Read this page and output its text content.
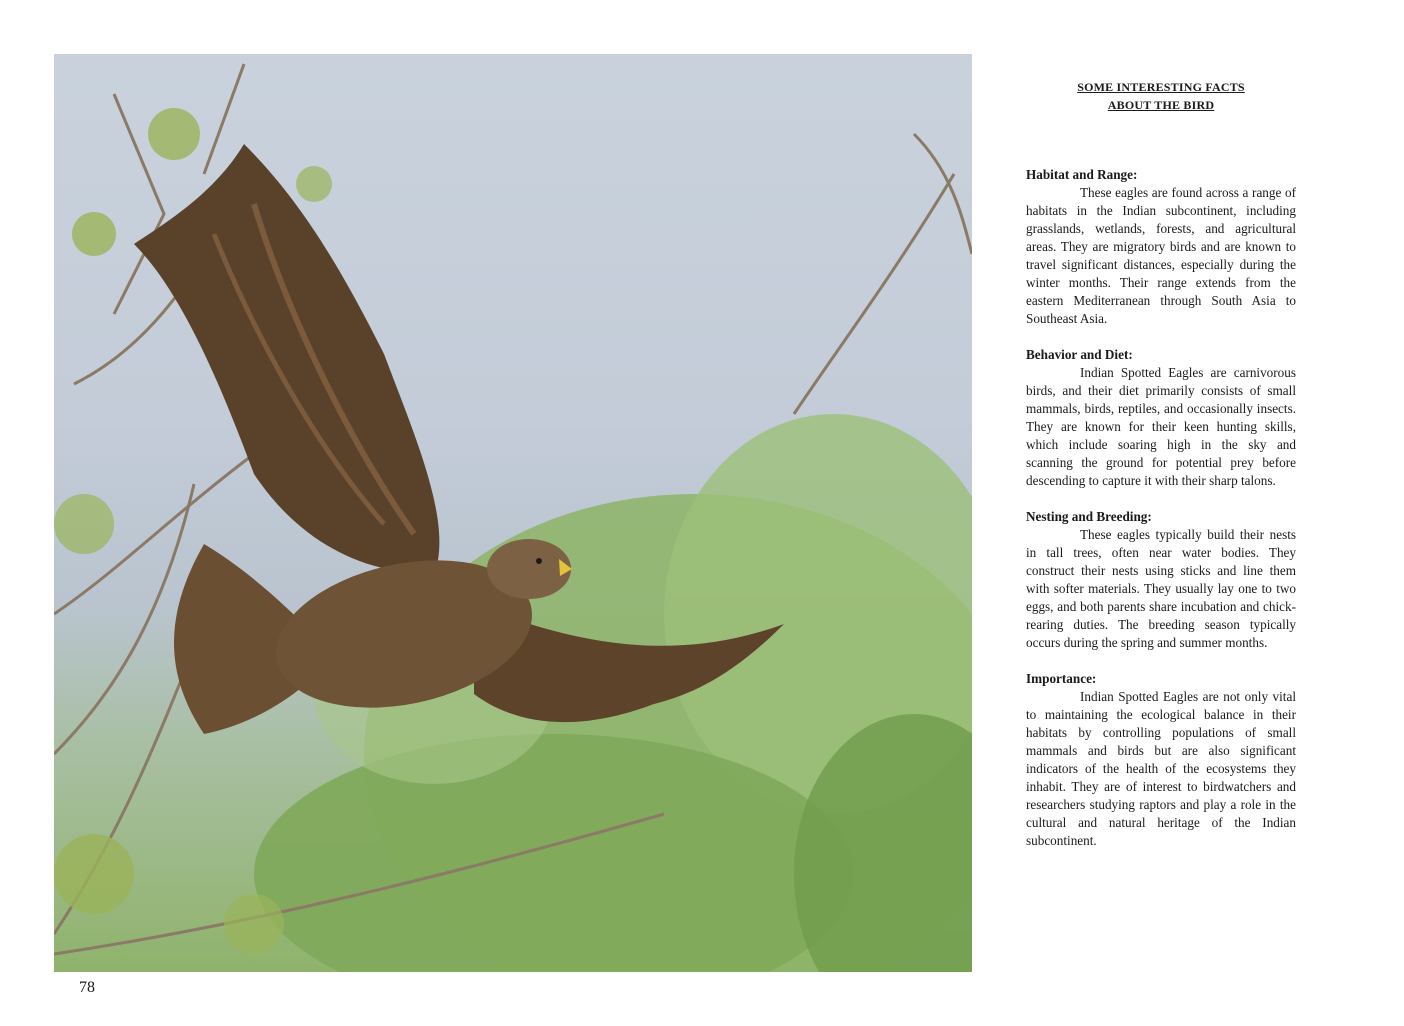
78
SOME INTERESTING FACTS
ABOUT THE BIRD
Habitat and Range:

These eagles are found across a range of habitats in the Indian subcontinent, including grasslands, wetlands, forests, and agricultural areas. They are migratory birds and are known to travel significant distances, especially during the winter months. Their range extends from the eastern Mediterranean through South Asia to Southeast Asia.

Behavior and Diet:

Indian Spotted Eagles are carnivorous birds, and their diet primarily consists of small mammals, birds, reptiles, and occasionally insects. They are known for their keen hunting skills, which include soaring high in the sky and scanning the ground for potential prey before descending to capture it with their sharp talons.

Nesting and Breeding:

These eagles typically build their nests in tall trees, often near water bodies. They construct their nests using sticks and line them with softer materials. They usually lay one to two eggs, and both parents share incubation and chick-rearing duties. The breeding season typically occurs during the spring and summer months.

Importance:

Indian Spotted Eagles are not only vital to maintaining the ecological balance in their habitats by controlling populations of small mammals and birds but are also significant indicators of the health of the ecosystems they inhabit. They are of interest to birdwatchers and researchers studying raptors and play a role in the cultural and natural heritage of the Indian subcontinent.
